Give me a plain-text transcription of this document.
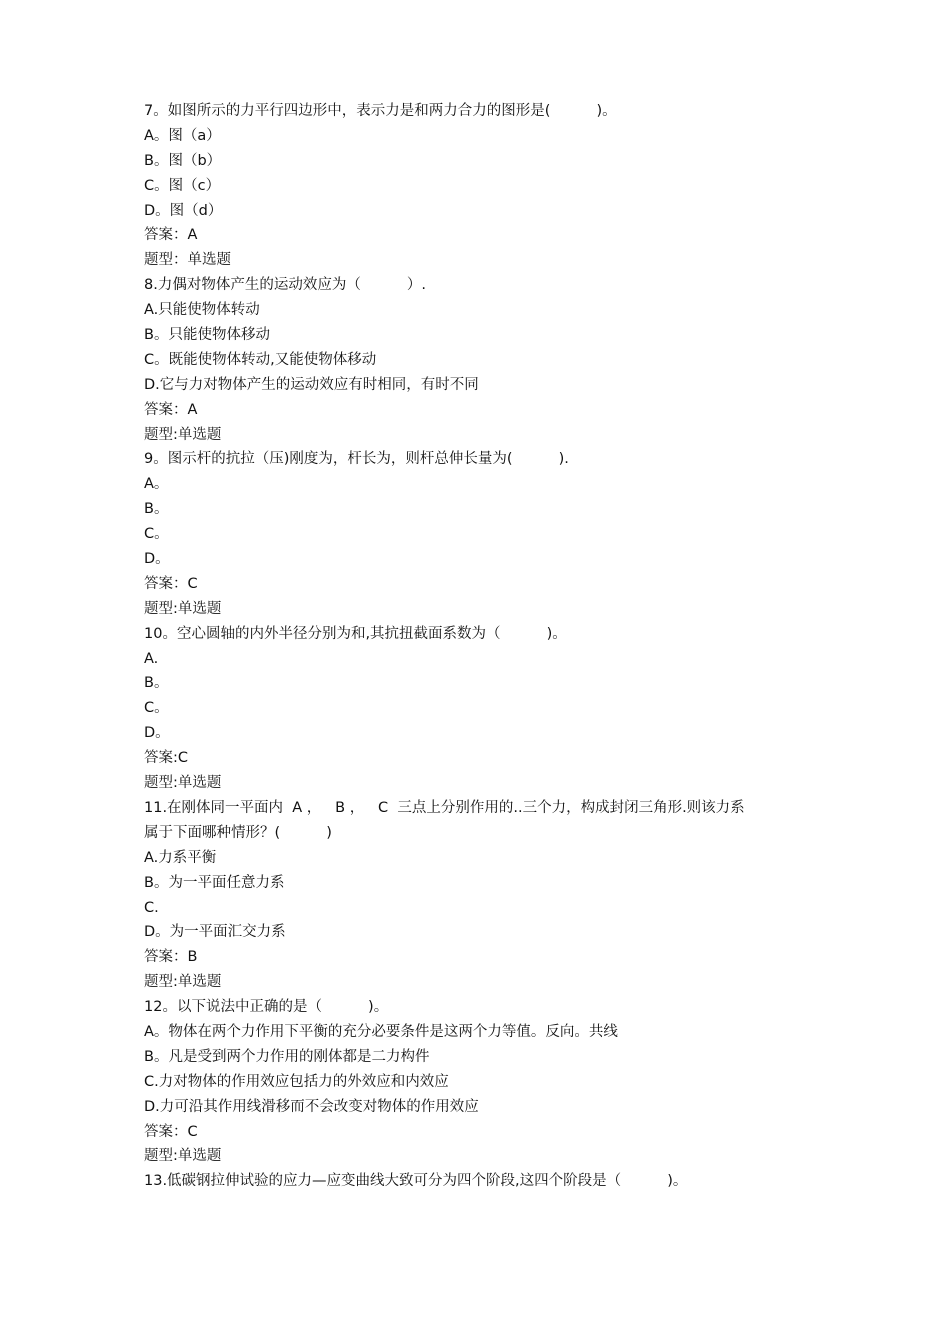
7。如图所示的力平行四边形中，表示力是和两力合力的图形是(          )。
A。图（a）
B。图（b）
C。图（c）
D。图（d）
答案：A
题型：单选题
8.力偶对物体产生的运动效应为（          ）.
A.只能使物体转动
B。只能使物体移动
C。既能使物体转动,又能使物体移动
D.它与力对物体产生的运动效应有时相同，有时不同
答案：A
题型:单选题
9。图示杆的抗拉（压)刚度为，杆长为，则杆总伸长量为(          ).
A。
B。
C。
D。
答案：C
题型:单选题
10。空心圆轴的内外半径分别为和,其抗扭截面系数为（          )。
A.
B。
C。
D。
答案:C
题型:单选题
11.在刚体同一平面内  A ，   B ，   C  三点上分别作用的..三个力，构成封闭三角形.则该力系
属于下面哪种情形？(          )
A.力系平衡
B。为一平面任意力系
C.
D。为一平面汇交力系
答案：B
题型:单选题
12。以下说法中正确的是（          )。
A。物体在两个力作用下平衡的充分必要条件是这两个力等值。反向。共线
B。凡是受到两个力作用的刚体都是二力构件
C.力对物体的作用效应包括力的外效应和内效应
D.力可沿其作用线滑移而不会改变对物体的作用效应
答案：C
题型:单选题
13.低碳钢拉伸试验的应力—应变曲线大致可分为四个阶段,这四个阶段是（          )。
